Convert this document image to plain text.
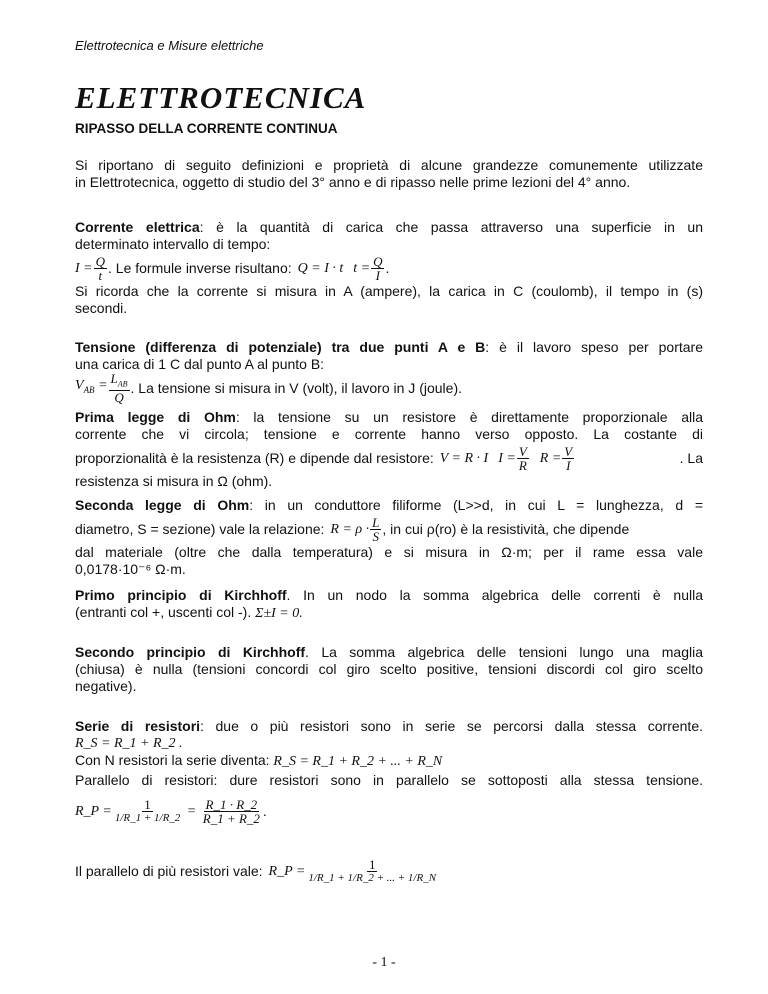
Elettrotecnica e Misure elettriche
ELETTROTECNICA
RIPASSO DELLA CORRENTE CONTINUA
Si riportano di seguito definizioni e proprietà di alcune grandezze comunemente utilizzate
in Elettrotecnica, oggetto di studio del 3° anno e di ripasso nelle prime lezioni del 4° anno.
Corrente elettrica: è la quantità di carica che passa attraverso una superficie in un
determinato intervallo di tempo:
$I = \frac{Q}{t}$ . Le formule inverse risultano: Q = I · t $t = \frac{Q}{I}$ .
Si ricorda che la corrente si misura in A (ampere), la carica in C (coulomb), il tempo in (s)
secondi.
Tensione (differenza di potenziale) tra due punti A e B: è il lavoro speso per portare
una carica di 1 C dal punto A al punto B:
$V_{AB} = \frac{L_{AB}}{Q}$ . La tensione si misura in V (volt), il lavoro in J (joule).
Prima legge di Ohm: la tensione su un resistore è direttamente proporzionale alla
corrente che vi circola; tensione e corrente hanno verso opposto. La costante di
proporzionalità è la resistenza (R) e dipende dal resistore: V = R · I $I = \frac{V}{R}$ $R = \frac{V}{I}$	. La
resistenza si misura in Ω (ohm).
Seconda legge di Ohm: in un conduttore filiforme (L>>d, in cui L = lunghezza, d =
diametro, S = sezione) vale la relazione: $R = \rho \cdot \frac{L}{S}$ , in cui ρ(ro) è la resistività, che dipende
dal materiale (oltre che dalla temperatura) e si misura in Ω·m; per il rame essa vale
0,0178·10⁻⁶ Ω·m.
Primo principio di Kirchhoff. In un nodo la somma algebrica delle correnti è nulla
(entranti col +, uscenti col -). Σ±I = 0.
Secondo principio di Kirchhoff. La somma algebrica delle tensioni lungo una maglia
(chiusa) è nulla (tensioni concordi col giro scelto positive, tensioni discordi col giro scelto
negative).
Serie di resistori: due o più resistori sono in serie se percorsi dalla stessa corrente.
R_S = R_1 + R_2 .
Con N resistori la serie diventa: R_S = R_1 + R_2 + ... + R_N
Parallelo di resistori: dure resistori sono in parallelo se sottoposti alla stessa tensione.
R_P = $\frac{1}{1/R\_1 + 1/R\_2} = \frac{R\_1 \cdot R\_2}{R\_1 + R\_2}$ .
Il parallelo di più resistori vale: R_P = $\frac{1}{1/R\_1 + 1/R\_2 + ... + 1/R\_N}$
- 1 -
